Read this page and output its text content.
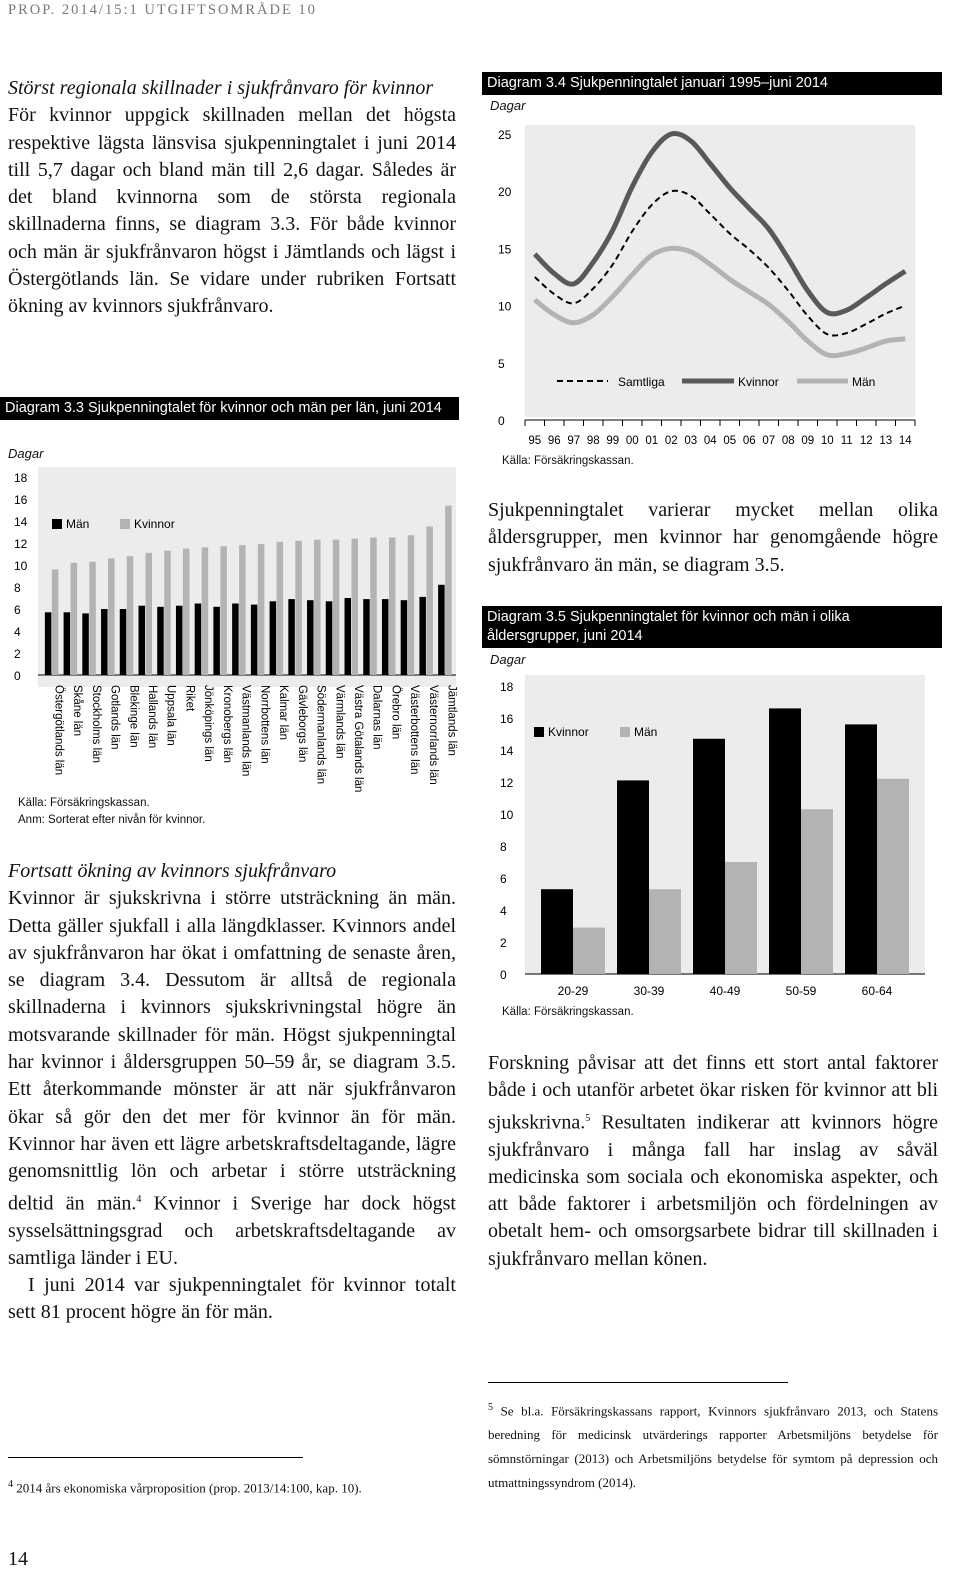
PROP. 2014/15:1 UTGIFTSOMRÅDE 10
Störst regionala skillnader i sjukfrånvaro för kvinnor

För kvinnor uppgick skillnaden mellan det högsta respektive lägsta länsvisa sjukpenningtalet i juni 2014 till 5,7 dagar och bland män till 2,6 dagar. Således är det bland kvinnorna som de största regionala skillnaderna finns, se diagram 3.3. För både kvinnor och män är sjukfrånvaron högst i Jämtlands och lägst i Östergötlands län. Se vidare under rubriken Fortsatt ökning av kvinnors sjukfrånvaro.

Diagram 3.3 Sjukpenningtalet för kvinnor och män per län, juni 2014
Dagar
0
2
4
6
8
10
12
14
16
18
Östergötlands län Skåne län Stockholms län Gotlands län Blekinge län Hallands län Uppsala län Riket Jönköpings län Kronobergs län Västmanlands län Norrbottens län Kalmar län Gävleborgs län Södermanlands län Värmlands län Västra Götalands län Dalarnas län Örebro län Västerbottens län Västernorrlands län Jämtlands län
Män	Kvinnor
Källa: Försäkringskassan.
Anm: Sorterat efter nivån för kvinnor.
Fortsatt ökning av kvinnors sjukfrånvaro

Kvinnor är sjukskrivna i större utsträckning än män. Detta gäller sjukfall i alla längdklasser. Kvinnors andel av sjukfrånvaron har ökat i omfattning de senaste åren, se diagram 3.4. Dessutom är alltså de regionala skillnaderna i kvinnors sjukskrivningstal högre än motsvarande skillnader för män. Högst sjukpenningtal har kvinnor i åldersgruppen 50–59 år, se diagram 3.5. Ett återkommande mönster är att när sjukfrånvaron ökar så gör den det mer för kvinnor än för män. Kvinnor har även ett lägre arbetskraftsdeltagande, lägre genomsnittlig lön och arbetar i större utsträckning deltid än män.$^4$ Kvinnor i Sverige har dock högst sysselsättningsgrad och arbetskraftsdeltagande av samtliga länder i EU.

I juni 2014 var sjukpenningtalet för kvinnor totalt sett 81 procent högre än för män.

Diagram 3.4 Sjukpenningtalet januari 1995–juni 2014
Dagar
0
5
10
15
20
25
95 96 97 98 99 00 01 02 03 04 05 06 07 08 09 10 11 12 13 14
Samtliga	Kvinnor	Män
Källa: Försäkringskassan.
Sjukpenningtalet varierar mycket mellan olika åldersgrupper, men kvinnor har genomgående högre sjukfrånvaro än män, se diagram 3.5.
Diagram 3.5 Sjukpenningtalet för kvinnor och män i olika åldersgrupper, juni 2014
Dagar
0
2
4
6
8
10
12
14
16
18
20-29	30-39	40-49	50-59	60-64
Kvinnor	Män
Källa: Försäkringskassan.
Forskning påvisar att det finns ett stort antal faktorer både i och utanför arbetet ökar risken för kvinnor att bli sjukskrivna.$^5$ Resultaten indikerar att kvinnors högre sjukfrånvaro i många fall har inslag av såväl medicinska som sociala och ekonomiska aspekter, och att både faktorer i arbetsmiljön och fördelningen av obetalt hem- och omsorgsarbete bidrar till skillnaden i sjukfrånvaro mellan könen.
$^5$ Se bl.a. Försäkringskassans rapport, Kvinnors sjukfrånvaro 2013, och Statens beredning för medicinsk utvärderings rapporter Arbetsmiljöns betydelse för sömnstörningar (2013) och Arbetsmiljöns betydelse för symtom på depression och utmattningssyndrom (2014).
$^4$ 2014 års ekonomiska vårproposition (prop. 2013/14:100, kap. 10).
14
